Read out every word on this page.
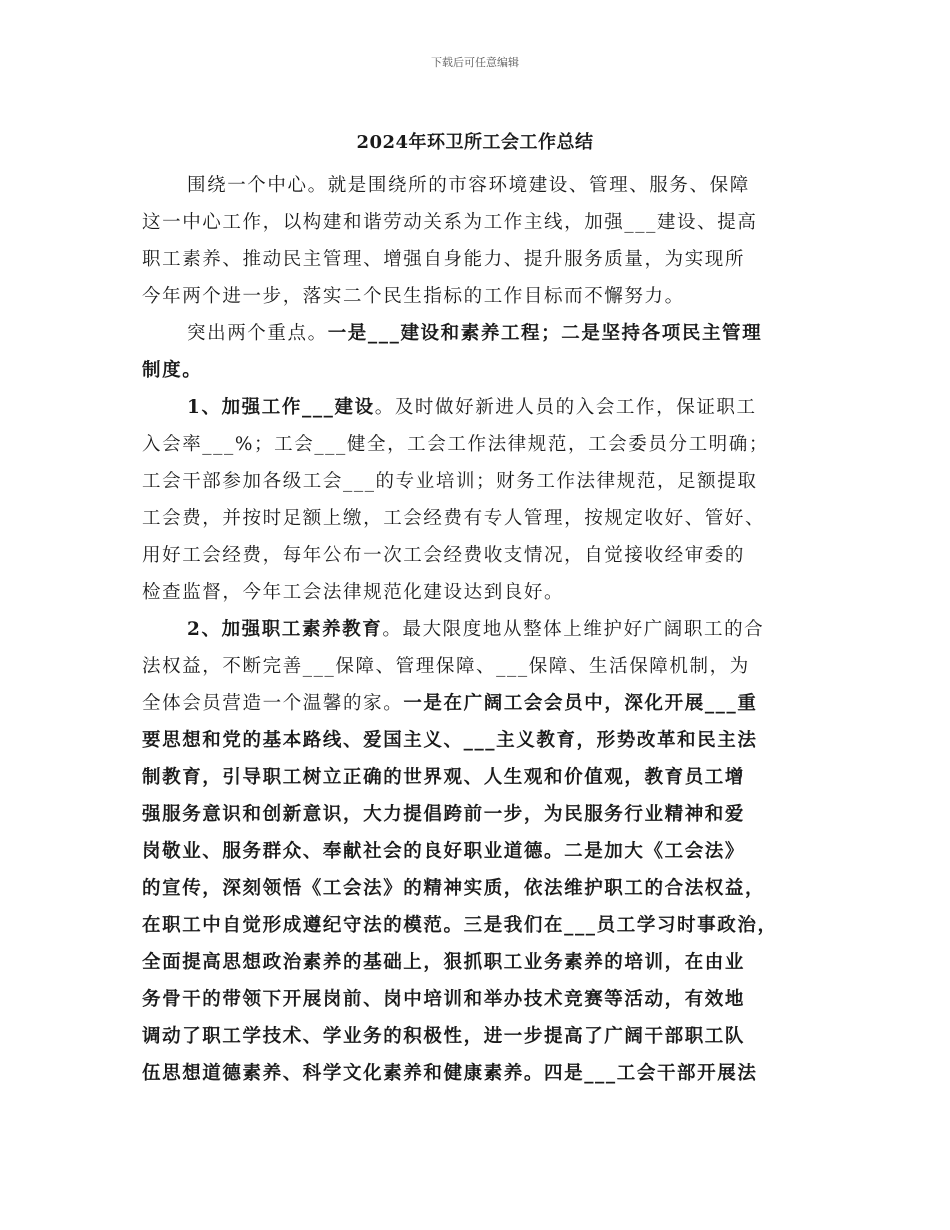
下载后可任意编辑
2024年环卫所工会工作总结
围绕一个中心。就是围绕所的市容环境建设、管理、服务、保障
这一中心工作，以构建和谐劳动关系为工作主线，加强___建设、提高
职工素养、推动民主管理、增强自身能力、提升服务质量，为实现所
今年两个进一步，落实二个民生指标的工作目标而不懈努力。
突出两个重点。一是___建设和素养工程；二是坚持各项民主管理
制度。
1、加强工作___建设。及时做好新进人员的入会工作，保证职工
入会率___%；工会___健全，工会工作法律规范，工会委员分工明确；
工会干部参加各级工会___的专业培训；财务工作法律规范，足额提取
工会费，并按时足额上缴，工会经费有专人管理，按规定收好、管好、
用好工会经费，每年公布一次工会经费收支情况，自觉接收经审委的
检查监督，今年工会法律规范化建设达到良好。
2、加强职工素养教育。最大限度地从整体上维护好广阔职工的合
法权益，不断完善___保障、管理保障、___保障、生活保障机制，为
全体会员营造一个温馨的家。一是在广阔工会会员中，深化开展___重
要思想和党的基本路线、爱国主义、___主义教育，形势改革和民主法
制教育，引导职工树立正确的世界观、人生观和价值观，教育员工增
强服务意识和创新意识，大力提倡跨前一步，为民服务行业精神和爱
岗敬业、服务群众、奉献社会的良好职业道德。二是加大《工会法》
的宣传，深刻领悟《工会法》的精神实质，依法维护职工的合法权益，
在职工中自觉形成遵纪守法的模范。三是我们在___员工学习时事政治，
全面提高思想政治素养的基础上，狠抓职工业务素养的培训，在由业
务骨干的带领下开展岗前、岗中培训和举办技术竞赛等活动，有效地
调动了职工学技术、学业务的积极性，进一步提高了广阔干部职工队
伍思想道德素养、科学文化素养和健康素养。四是___工会干部开展法
